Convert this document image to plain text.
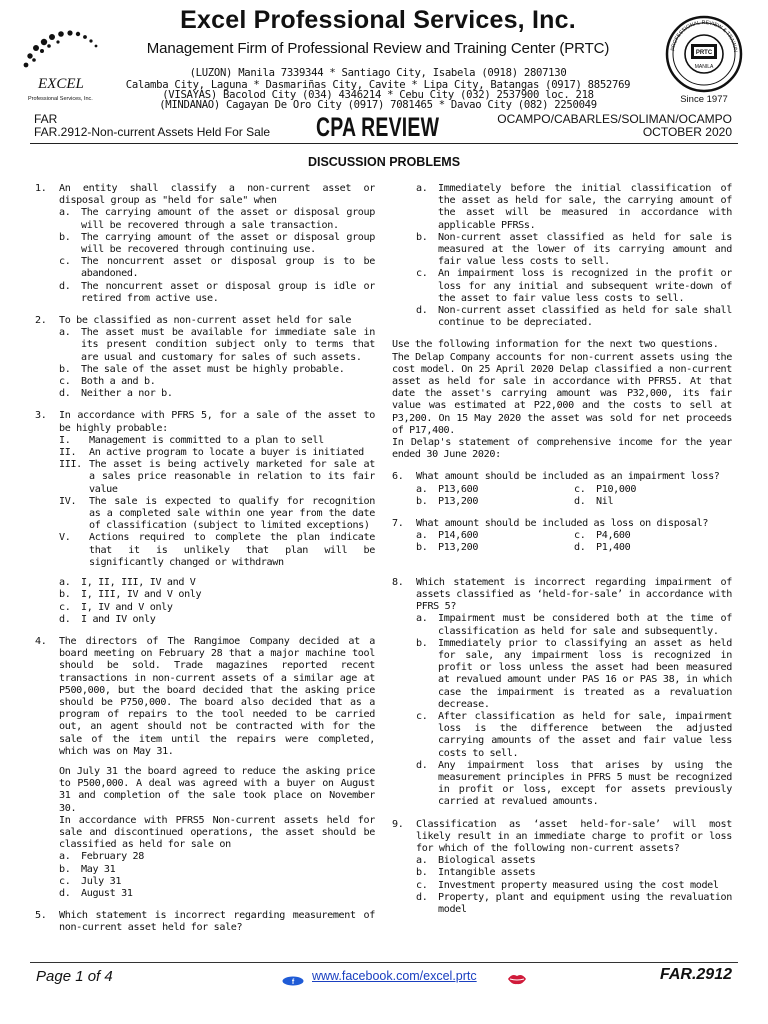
EXCEL
Professional Services, Inc.
Excel Professional Services, Inc.
Management Firm of Professional Review and Training Center (PRTC)
(LUZON) Manila 7339344 * Santiago City, Isabela (0918) 2807130
Calamba City, Laguna * Dasmariñas City, Cavite * Lipa City, Batangas (0917) 8852769
(VISAYAS) Bacolod City (034) 4346214 * Cebu City (032) 2537900 loc. 218
(MINDANAO) Cagayan De Oro City (0917) 7081465 * Davao City (082) 2250049
PRTC
MANILA
PROFESSIONAL REVIEW & TRAININ
Since 1977
FAR
FAR.2912-Non-current Assets Held For Sale CPA REVIEW	OCAMPO/CABARLES/SOLIMAN/OCAMPO
OCTOBER 2020
DISCUSSION PROBLEMS
1.	An entity shall classify a non-current asset or disposal group as "held for sale" when
a.	The carrying amount of the asset or disposal group will be recovered through a sale transaction.
b.	The carrying amount of the asset or disposal group will be recovered through continuing use.
c.	The noncurrent asset or disposal group is to be abandoned.
d.	The noncurrent asset or disposal group is idle or retired from active use.
2.	To be classified as non-current asset held for sale
a.	The asset must be available for immediate sale in its present condition subject only to terms that are usual and customary for sales of such assets.
b.	The sale of the asset must be highly probable.
c.	Both a and b.
d.	Neither a nor b.
3.	In accordance with PFRS 5, for a sale of the asset to be highly probable:
I.	Management is committed to a plan to sell
II.	An active program to locate a buyer is initiated
III. The asset is being actively marketed for sale at a sales price reasonable in relation to its fair value
IV.	The sale is expected to qualify for recognition as a completed sale within one year from the date of classification (subject to limited exceptions)
V.	Actions required to complete the plan indicate that it is unlikely that plan will be significantly changed or withdrawn
a.	I, II, III, IV and V
b.	I, III, IV and V only
c.	I, IV and V only
d.	I and IV only
4.	The directors of The Rangimoe Company decided at a board meeting on February 28 that a major machine tool should be sold. Trade magazines reported recent transactions in non-current assets of a similar age at P500,000, but the board decided that the asking price should be P750,000. The board also decided that as a program of repairs to the tool needed to be carried out, an agent should not be contracted with for the sale of the item until the repairs were completed, which was on May 31.

On July 31 the board agreed to reduce the asking price to P500,000. A deal was agreed with a buyer on August 31 and completion of the sale took place on November 30.

In accordance with PFRS5 Non-current assets held for sale and discontinued operations, the asset should be classified as held for sale on

a.	February 28
b.	May 31
c.	July 31
d.	August 31
5.	Which statement is incorrect regarding measurement of non-current asset held for sale?
a.	Immediately before the initial classification of the asset as held for sale, the carrying amount of the asset will be measured in accordance with applicable PFRSs.
b.	Non-current asset classified as held for sale is measured at the lower of its carrying amount and fair value less costs to sell.
c.	An impairment loss is recognized in the profit or loss for any initial and subsequent write-down of the asset to fair value less costs to sell.
d.	Non-current asset classified as held for sale shall continue to be depreciated.

Use the following information for the next two questions.

The Delap Company accounts for non-current assets using the cost model. On 25 April 2020 Delap classified a non-current asset as held for sale in accordance with PFRS5. At that date the asset's carrying amount was P32,000, its fair value was estimated at P22,000 and the costs to sell at P3,200. On 15 May 2020 the asset was sold for net proceeds of P17,400.

In Delap's statement of comprehensive income for the year ended 30 June 2020:

6.	What amount should be included as an impairment loss?
a.	P13,600	c.	P10,000
b.	P13,200	d.	Nil
7.	What amount should be included as loss on disposal?
a.	P14,600	c.	P4,600
b.	P13,200	d.	P1,400
8.	Which statement is incorrect regarding impairment of assets classified as ‘held-for-sale’ in accordance with PFRS 5?
a.	Impairment must be considered both at the time of classification as held for sale and subsequently.
b.	Immediately prior to classifying an asset as held for sale, any impairment loss is recognized in profit or loss unless the asset had been measured at revalued amount under PAS 16 or PAS 38, in which case the impairment is treated as a revaluation decrease.
c.	After classification as held for sale, impairment loss is the difference between the adjusted carrying amounts of the asset and fair value less costs to sell.
d.	Any impairment loss that arises by using the measurement principles in PFRS 5 must be recognized in profit or loss, except for assets previously carried at revalued amounts.
9.	Classification as ‘asset held-for-sale’ will most likely result in an immediate charge to profit or loss for which of the following non-current assets?
a.	Biological assets
b.	Intangible assets
c.	Investment property measured using the cost model
d.	Property, plant and equipment using the revaluation model
Page 1 of 4	f www.facebook.com/excel.prtc	FAR.2912
